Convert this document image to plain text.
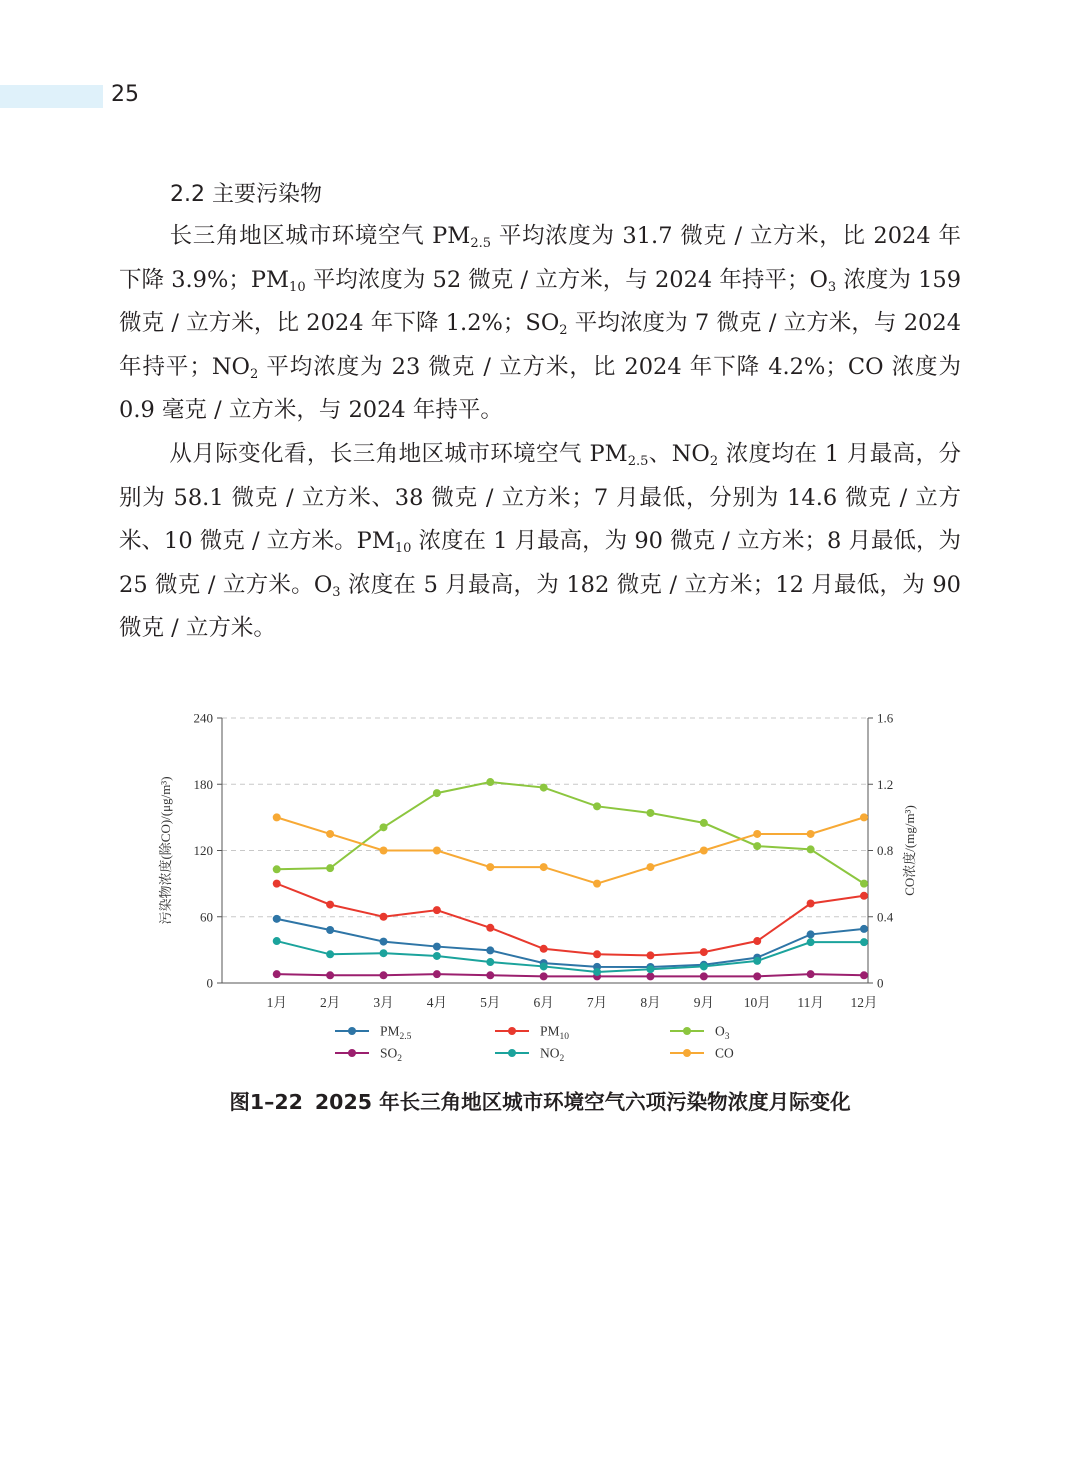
25
2.2 主要污染物

长三角地区城市环境空气 $PM_{2.5}$ 平均浓度为 31.7 微克 / 立方米，比 2024 年下降 3.9%；$PM_{10}$ 平均浓度为 52 微克 / 立方米，与 2024 年持平；$O_3$ 浓度为 159 微克 / 立方米，比 2024 年下降 1.2%；$SO_2$ 平均浓度为 7 微克 / 立方米，与 2024 年持平；$NO_2$ 平均浓度为 23 微克 / 立方米，比 2024 年下降 4.2%；CO 浓度为 0.9 毫克 / 立方米，与 2024 年持平。

从月际变化看，长三角地区城市环境空气 $PM_{2.5}$、$NO_2$ 浓度均在 1 月最高，分别为 58.1 微克 / 立方米、38 微克 / 立方米；7 月最低，分别为 14.6 微克 / 立方米、10 微克 / 立方米。$PM_{10}$ 浓度在 1 月最高，为 90 微克 / 立方米；8 月最低，为 25 微克 / 立方米。$O_3$ 浓度在 5 月最高，为 182 微克 / 立方米；12 月最低，为 90 微克 / 立方米。

0
60
120
180
240
0
0.4
0.8
1.2
1.6
1月 2月 3月 4月 5月 6月 7月 8月 9月 10月 11月 12月
污染物浓度(除CO)/(μg/m³)	CO浓度/(mg/m³)
$PM_{2.5}$	$PM_{10}$	$O_3$
$SO_2$	$NO_2$	CO
图1–22 2025 年长三角地区城市环境空气六项污染物浓度月际变化
